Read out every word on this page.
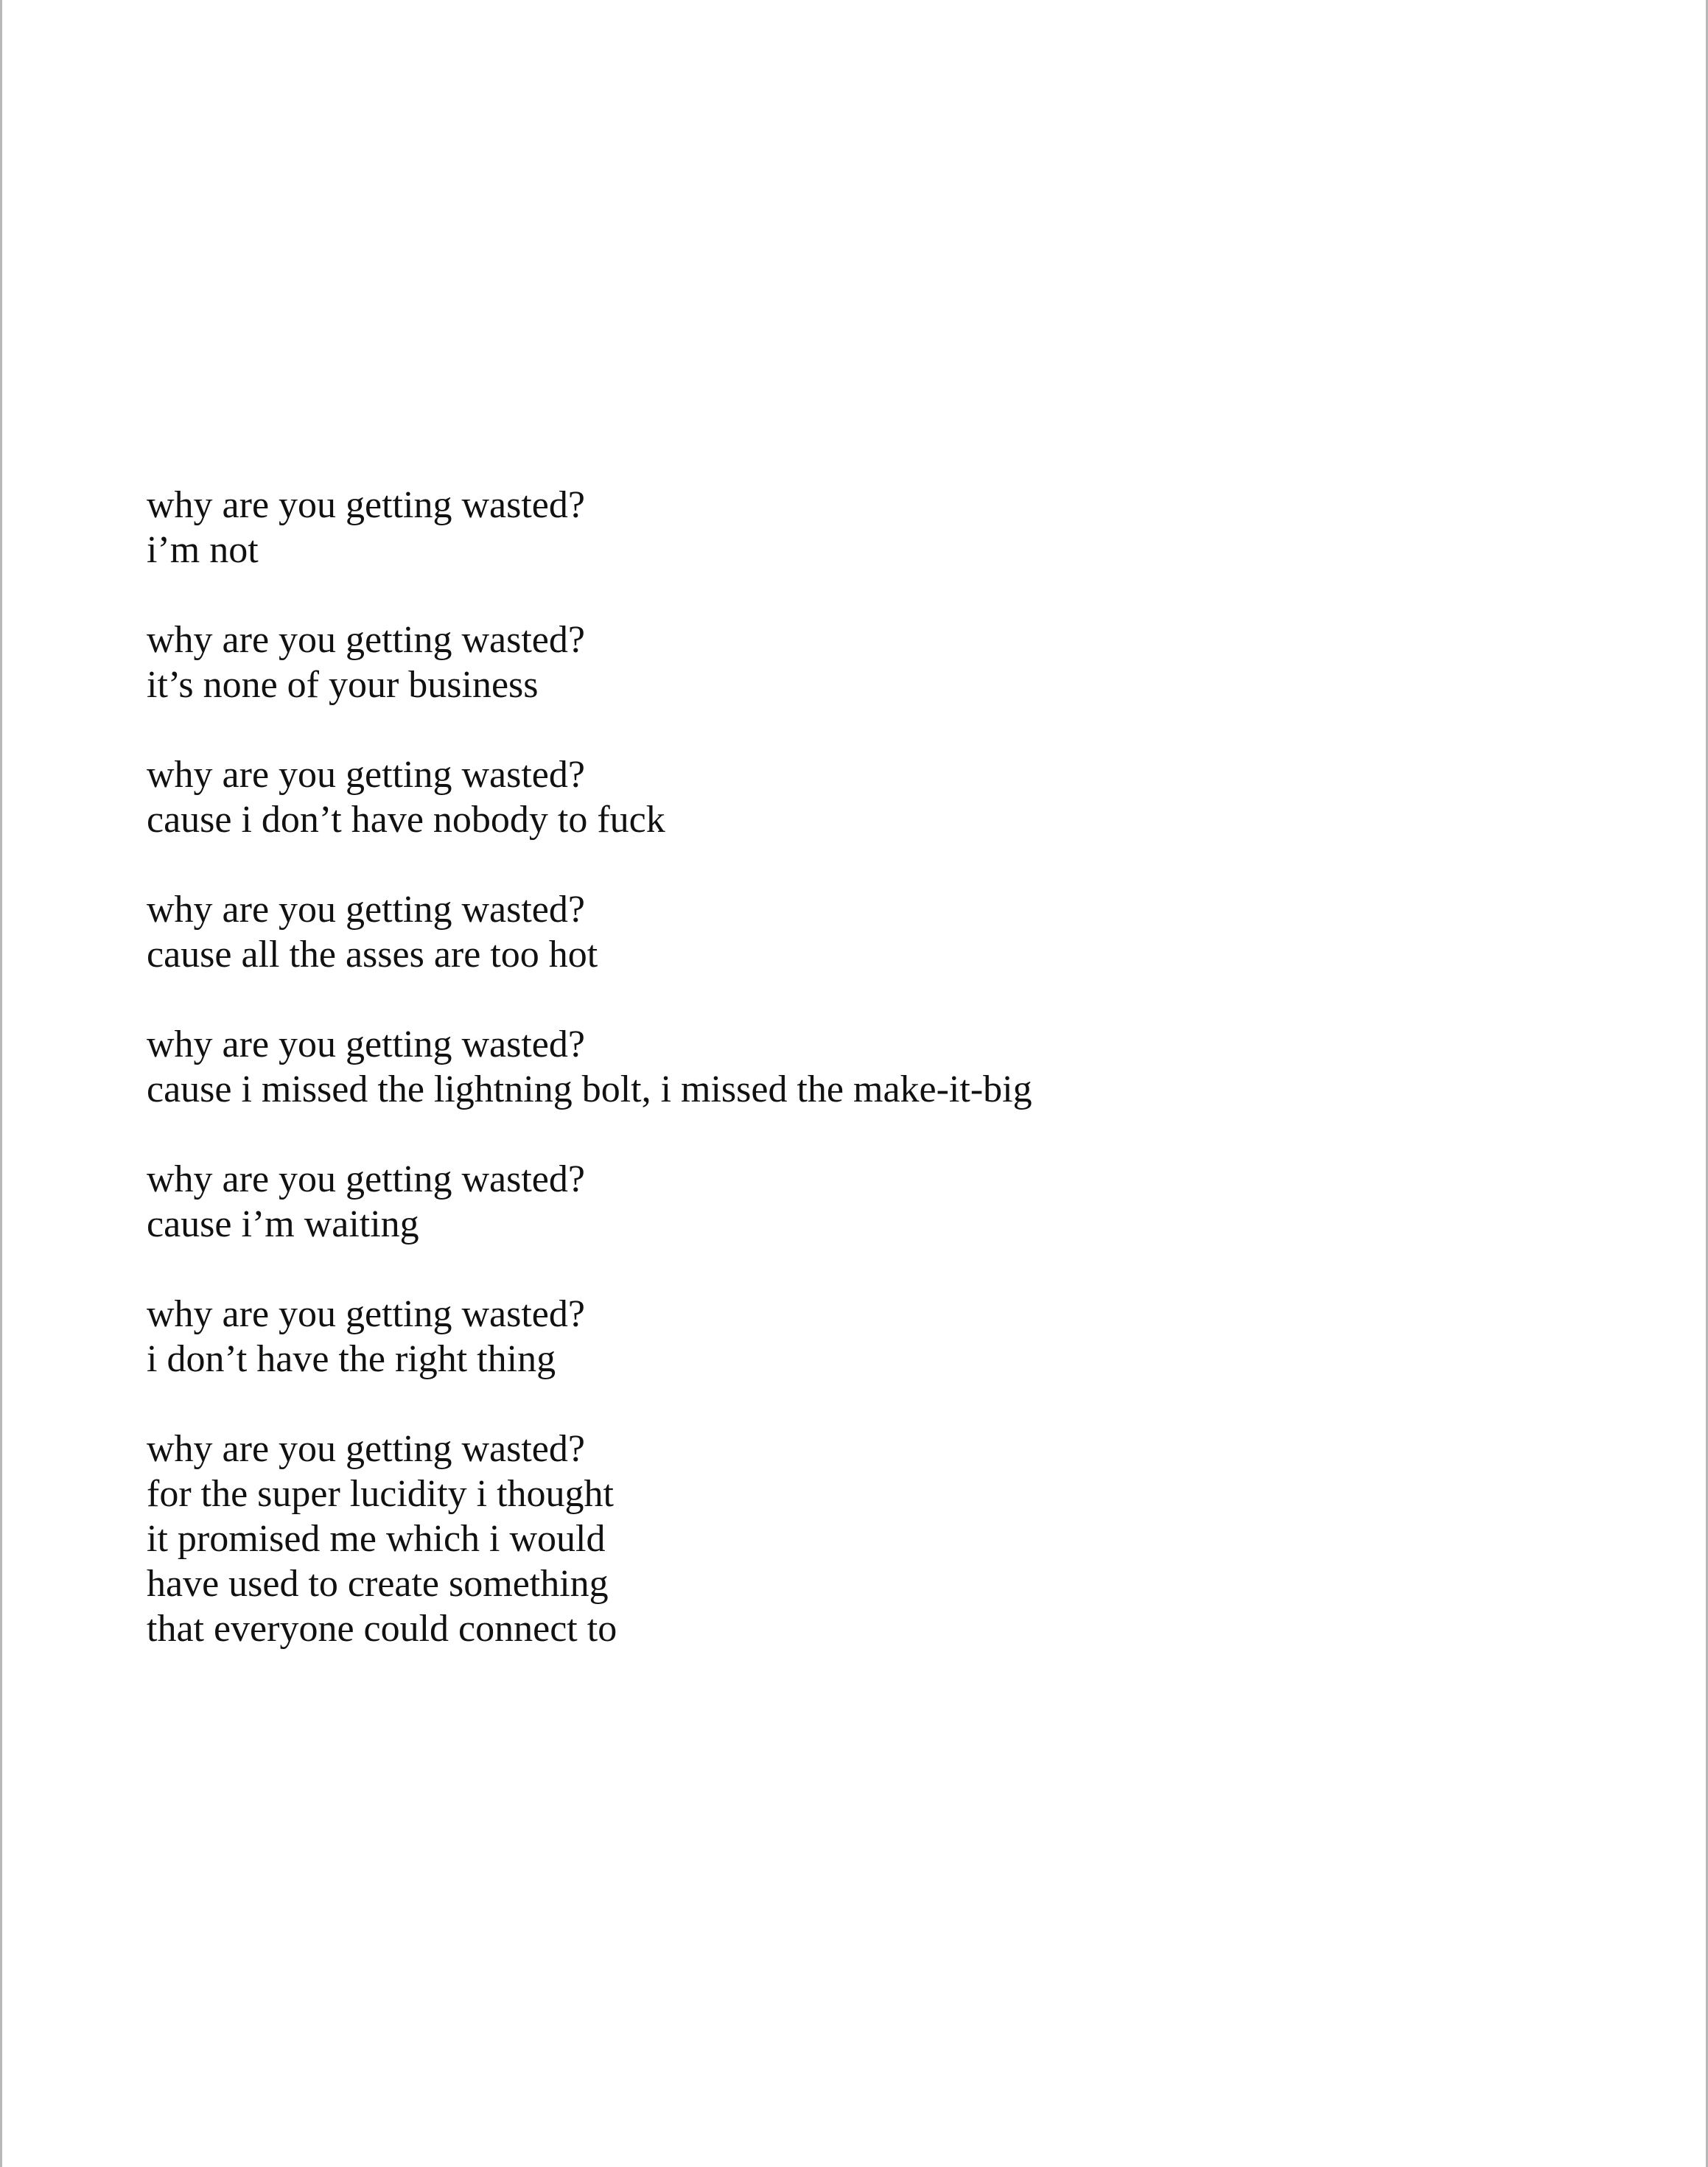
why are you getting wasted?
i’m not
why are you getting wasted?
it’s none of your business
why are you getting wasted?
cause i don’t have nobody to fuck
why are you getting wasted?
cause all the asses are too hot
why are you getting wasted?
cause i missed the lightning bolt, i missed the make-it-big
why are you getting wasted?
cause i’m waiting
why are you getting wasted?
i don’t have the right thing
why are you getting wasted?
for the super lucidity i thought
it promised me which i would
have used to create something
that everyone could connect to
